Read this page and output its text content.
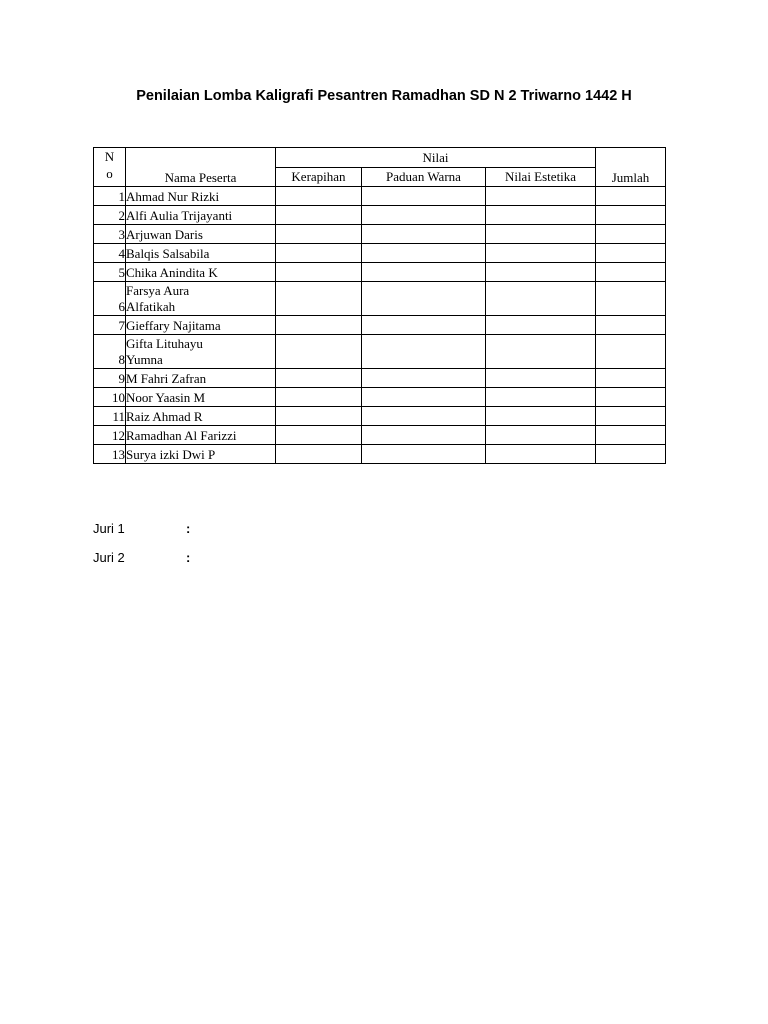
Penilaian Lomba Kaligrafi Pesantren Ramadhan SD N 2 Triwarno 1442 H
N
o	Nama Peserta	Nilai			Jumlah
		Kerapihan	Paduan Warna	Nilai Estetika	
1	Ahmad Nur Rizki				

2	Alfi Aulia Trijayanti				

3	Arjuwan Daris				

4	Balqis Salsabila				

5	Chika Anindita K				

6	Farsya Aura
Alfatikah				

7	Gieffary Najitama				

8	Gifta Lituhayu
Yumna				

9	M Fahri Zafran				

10	Noor Yaasin M				

11	Raiz Ahmad R				

12	Ramadhan Al Farizzi				

13	Surya izki Dwi P				

Juri 1	:
Juri 2	:
